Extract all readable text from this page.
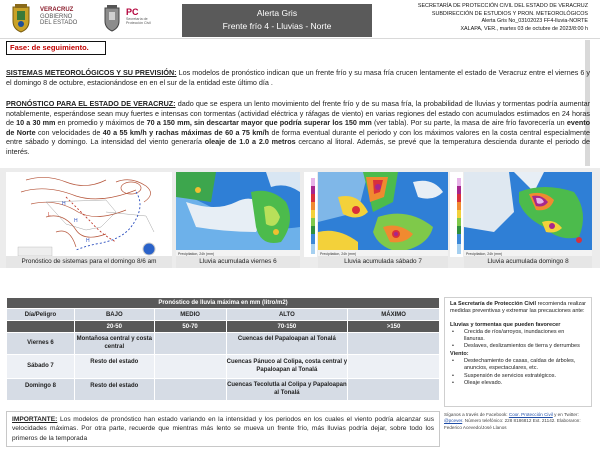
VERACRUZ
GOBIERNO
DEL ESTADO
PC
Secretaría de
Protección Civil
Alerta Gris
Frente frío 4 - Lluvias - Norte
SECRETARÍA DE PROTECCIÓN CIVIL DEL ESTADO DE VERACRUZ
SUBDIRECCIÓN DE ESTUDIOS Y PRON. METEOROLÓGICOS
Alerta Gris No_03102023 FF4-lluvia-NORTE
XALAPA, VER., martes 03 de octubre de 2023/8:00 h
Fase: de seguimiento.

SISTEMAS METEOROLÓGICOS Y SU PREVISIÓN: Los modelos de pronóstico indican que un frente frío y su masa fría crucen lentamente el estado de Veracruz entre el viernes 6 y el domingo 8 de octubre, estacionándose en en el sur de la entidad este último día .

PRONÓSTICO PARA EL ESTADO DE VERACRUZ: dado que se espera un lento movimiento del frente frío y de su masa fría, la probabilidad de lluvias y tormentas podría aumentar notablemente, esperándose sean muy fuertes e intensas con tormentas (actividad eléctrica y ráfagas de viento) en varias regiones del estado con acumulados estimados en 24 horas de 10 a 30 mm en promedio y máximos de 70 a 150 mm, sin descartar mayor que podría superar los 150 mm (ver tabla). Por su parte, la masa de aire frío favorecería un evento de Norte con velocidades de 40 a 55 km/h y rachas máximas de 60 a 75 km/h de forma eventual durante el periodo y con los máximos valores en la costa central especialmente entre sábado y domingo. La intensidad del viento generaría oleaje de 1.0 a 2.0 metros cercano al litoral. Además, se prevé que la temperatura descienda durante el periodo de interés.

H
H
H
L
Pronóstico de sistemas para el domingo 8/6 am
Precipitation, 24h (mm)
Lluvia acumulada viernes 6
Precipitation, 24h (mm)
Lluvia acumulada sábado 7
Precipitation, 24h (mm)
Lluvia acumulada domingo 8
Pronóstico de lluvia máxima en mm (litro/m2)				
Día/Peligro	BAJO	MEDIO	ALTO	MÁXIMO
	20-50	50-70	70-150	>150
Viernes 6	Montañosa central y costa central		Cuencas del Papaloapan al Tonalá	
Sábado 7	Resto del estado		Cuencas Pánuco al Colipa, costa central y Papaloapan al Tonalá	
Domingo 8	Resto del estado		Cuencas Tecolutla al Colipa y Papaloapan al Tonalá	
IMPORTANTE: Los modelos de pronóstico han estado variando en la intensidad y los periodos en los cuales el viento podría alcanzar sus velocidades máximas. Por otra parte, recuerde que mientras más lento se mueva un frente frío, más lluvias podría dejar, sobre todo los primeros de la temporada

La Secretaría de Protección Civil recomienda realizar medidas preventivas y extremar las precauciones ante:

Lluvias y tormentas que pueden favorecer

• Crecida de ríos/arroyos, inundaciones en llanuras.
• Deslaves, deslizamientos de tierra y derrumbes

Viento:

• Destechamiento de casas, caídas de árboles, anuncios, espectaculares, etc.
• Suspensión de servicios estratégicos.
• Oleaje elevado.
Síganos a través de Facebook: Coor. Protección Civil y en Twitter: @pcever. Número telefónico: 228 8186812 Ext. 21142. Elaboraron: Federico Acevedo/José Llanos
